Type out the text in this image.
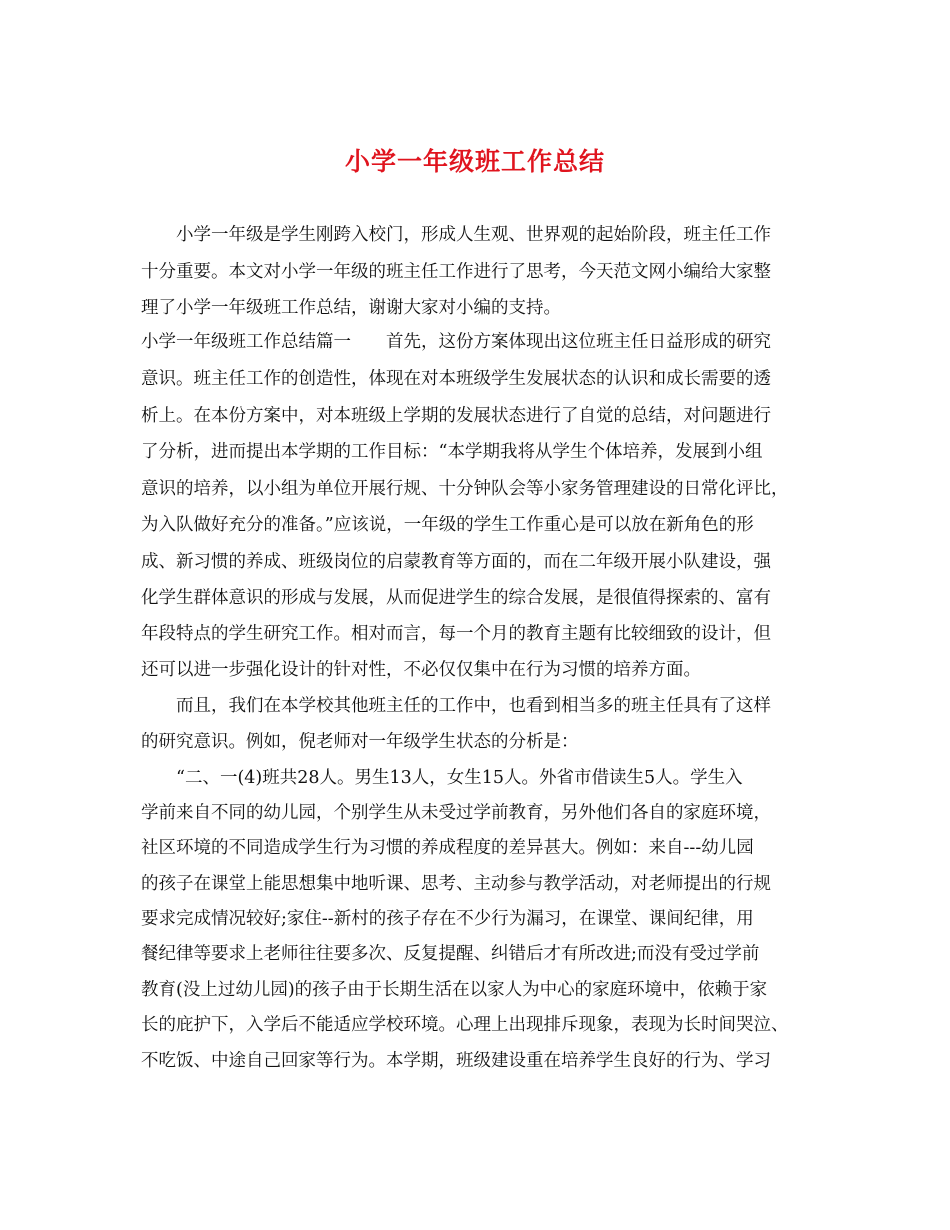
小学一年级班工作总结
小学一年级是学生刚跨入校门，形成人生观、世界观的起始阶段，班主任工作
十分重要。本文对小学一年级的班主任工作进行了思考，今天范文网小编给大家整
理了小学一年级班工作总结，谢谢大家对小编的支持。
小学一年级班工作总结篇一　　首先，这份方案体现出这位班主任日益形成的研究
意识。班主任工作的创造性，体现在对本班级学生发展状态的认识和成长需要的透
析上。在本份方案中，对本班级上学期的发展状态进行了自觉的总结，对问题进行
了分析，进而提出本学期的工作目标：“本学期我将从学生个体培养，发展到小组
意识的培养，以小组为单位开展行规、十分钟队会等小家务管理建设的日常化评比，
为入队做好充分的准备。”应该说，一年级的学生工作重心是可以放在新角色的形
成、新习惯的养成、班级岗位的启蒙教育等方面的，而在二年级开展小队建设，强
化学生群体意识的形成与发展，从而促进学生的综合发展，是很值得探索的、富有
年段特点的学生研究工作。相对而言，每一个月的教育主题有比较细致的设计，但
还可以进一步强化设计的针对性，不必仅仅集中在行为习惯的培养方面。
而且，我们在本学校其他班主任的工作中，也看到相当多的班主任具有了这样
的研究意识。例如，倪老师对一年级学生状态的分析是：
“二、一(4)班共28人。男生13人，女生15人。外省市借读生5人。学生入
学前来自不同的幼儿园，个别学生从未受过学前教育，另外他们各自的家庭环境，
社区环境的不同造成学生行为习惯的养成程度的差异甚大。例如：来自---幼儿园
的孩子在课堂上能思想集中地听课、思考、主动参与教学活动，对老师提出的行规
要求完成情况较好;家住--新村的孩子存在不少行为漏习，在课堂、课间纪律，用
餐纪律等要求上老师往往要多次、反复提醒、纠错后才有所改进;而没有受过学前
教育(没上过幼儿园)的孩子由于长期生活在以家人为中心的家庭环境中，依赖于家
长的庇护下，入学后不能适应学校环境。心理上出现排斥现象，表现为长时间哭泣、
不吃饭、中途自己回家等行为。本学期，班级建设重在培养学生良好的行为、学习
